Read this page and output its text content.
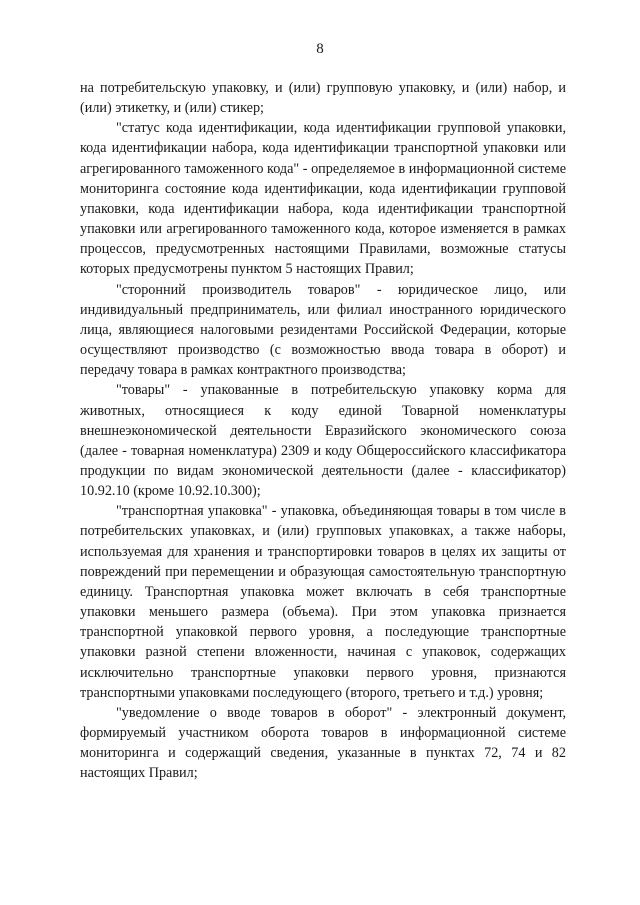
8

на потребительскую упаковку, и (или) групповую упаковку, и (или) набор, и (или) этикетку, и (или) стикер;

"статус кода идентификации, кода идентификации групповой упаковки, кода идентификации набора, кода идентификации транспортной упаковки или агрегированного таможенного кода" - определяемое в информационной системе мониторинга состояние кода идентификации, кода идентификации групповой упаковки, кода идентификации набора, кода идентификации транспортной упаковки или агрегированного таможенного кода, которое изменяется в рамках процессов, предусмотренных настоящими Правилами, возможные статусы которых предусмотрены пунктом 5 настоящих Правил;

"сторонний производитель товаров" - юридическое лицо, или индивидуальный предприниматель, или филиал иностранного юридического лица, являющиеся налоговыми резидентами Российской Федерации, которые осуществляют производство (с возможностью ввода товара в оборот) и передачу товара в рамках контрактного производства;

"товары" - упакованные в потребительскую упаковку корма для животных, относящиеся к коду единой Товарной номенклатуры внешнеэкономической деятельности Евразийского экономического союза (далее - товарная номенклатура) 2309 и коду Общероссийского классификатора продукции по видам экономической деятельности (далее - классификатор) 10.92.10 (кроме 10.92.10.300);

"транспортная упаковка" - упаковка, объединяющая товары в том числе в потребительских упаковках, и (или) групповых упаковках, а также наборы, используемая для хранения и транспортировки товаров в целях их защиты от повреждений при перемещении и образующая самостоятельную транспортную единицу. Транспортная упаковка может включать в себя транспортные упаковки меньшего размера (объема). При этом упаковка признается транспортной упаковкой первого уровня, а последующие транспортные упаковки разной степени вложенности, начиная с упаковок, содержащих исключительно транспортные упаковки первого уровня, признаются транспортными упаковками последующего (второго, третьего и т.д.) уровня;

"уведомление о вводе товаров в оборот" - электронный документ, формируемый участником оборота товаров в информационной системе мониторинга и содержащий сведения, указанные в пунктах 72, 74 и 82 настоящих Правил;
